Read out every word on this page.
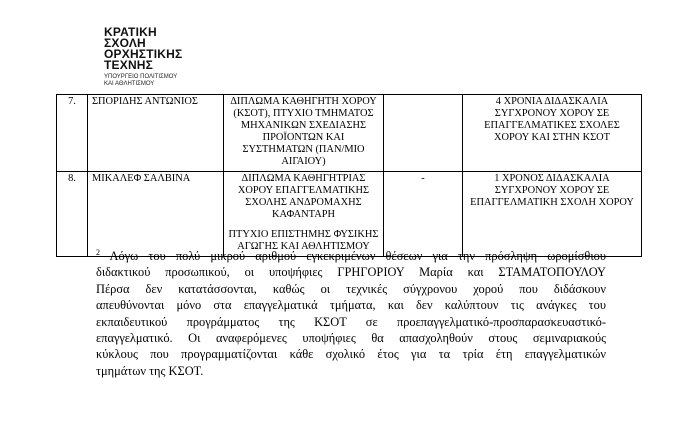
ΚΡΑΤΙΚΗ
ΣΧΟΛΗ
ΟΡΧΗΣΤΙΚΗΣ
ΤΕΧΝΗΣ
ΥΠΟΥΡΓΕΙΟ ΠΟΛΙΤΙΣΜΟΥ
ΚΑΙ ΑΘΛΗΤΙΣΜΟΥ
7.	ΣΠΟΡΙΔΗΣ ΑΝΤΩΝΙΟΣ	ΔΙΠΛΩΜΑ ΚΑΘΗΓΗΤΗ ΧΟΡΟΥ (ΚΣΟΤ), ΠΤΥΧΙΟ ΤΜΗΜΑΤΟΣ ΜΗΧΑΝΙΚΩΝ ΣΧΕΔΙΑΣΗΣ ΠΡΟΪΟΝΤΩΝ ΚΑΙ ΣΥΣΤΗΜΑΤΩΝ (ΠΑΝ/ΜΙΟ ΑΙΓΑΙΟΥ)		4 ΧΡΟΝΙΑ ΔΙΔΑΣΚΑΛΙΑ ΣΥΓΧΡΟΝΟΥ ΧΟΡΟΥ ΣΕ ΕΠΑΓΓΕΛΜΑΤΙΚΕΣ ΣΧΟΛΕΣ ΧΟΡΟΥ ΚΑΙ ΣΤΗΝ ΚΣΟΤ
8.	ΜΙΚΑΛΕΦ ΣΑΛΒΙΝΑ	ΔΙΠΛΩΜΑ ΚΑΘΗΓΗΤΡΙΑΣ ΧΟΡΟΥ ΕΠΑΓΓΕΛΜΑΤΙΚΗΣ ΣΧΟΛΗΣ ΑΝΔΡΟΜΑΧΗΣ ΚΑΦΑΝΤΑΡΗ
ΠΤΥΧΙΟ ΕΠΙΣΤΗΜΗΣ ΦΥΣΙΚΗΣ ΑΓΩΓΗΣ ΚΑΙ ΑΘΛΗΤΙΣΜΟΥ	-	1 ΧΡΟΝΟΣ ΔΙΔΑΣΚΑΛΙΑ ΣΥΓΧΡΟΝΟΥ ΧΟΡΟΥ ΣΕ ΕΠΑΓΓΕΛΜΑΤΙΚΗ ΣΧΟΛΗ ΧΟΡΟΥ
$^2$ Λόγω του πολύ μικρού αριθμού εγκεκριμένων θέσεων για την πρόσληψη ωρομίσθιου
διδακτικού προσωπικού, οι υποψήφιες ΓΡΗΓΟΡΙΟΥ Μαρία και ΣΤΑΜΑΤΟΠΟΥΛΟΥ
Πέρσα δεν κατατάσσονται, καθώς οι τεχνικές σύγχρονου χορού που διδάσκουν
απευθύνονται μόνο στα επαγγελματικά τμήματα, και δεν καλύπτουν τις ανάγκες του
εκπαιδευτικού προγράμματος της ΚΣΟΤ σε προεπαγγελματικό-προσπαρασκευαστικό-
επαγγελματικό. Οι αναφερόμενες υποψήφιες θα απασχοληθούν στους σεμιναριακούς
κύκλους που προγραμματίζονται κάθε σχολικό έτος για τα τρία έτη επαγγελματικών
τμημάτων της ΚΣΟΤ.
